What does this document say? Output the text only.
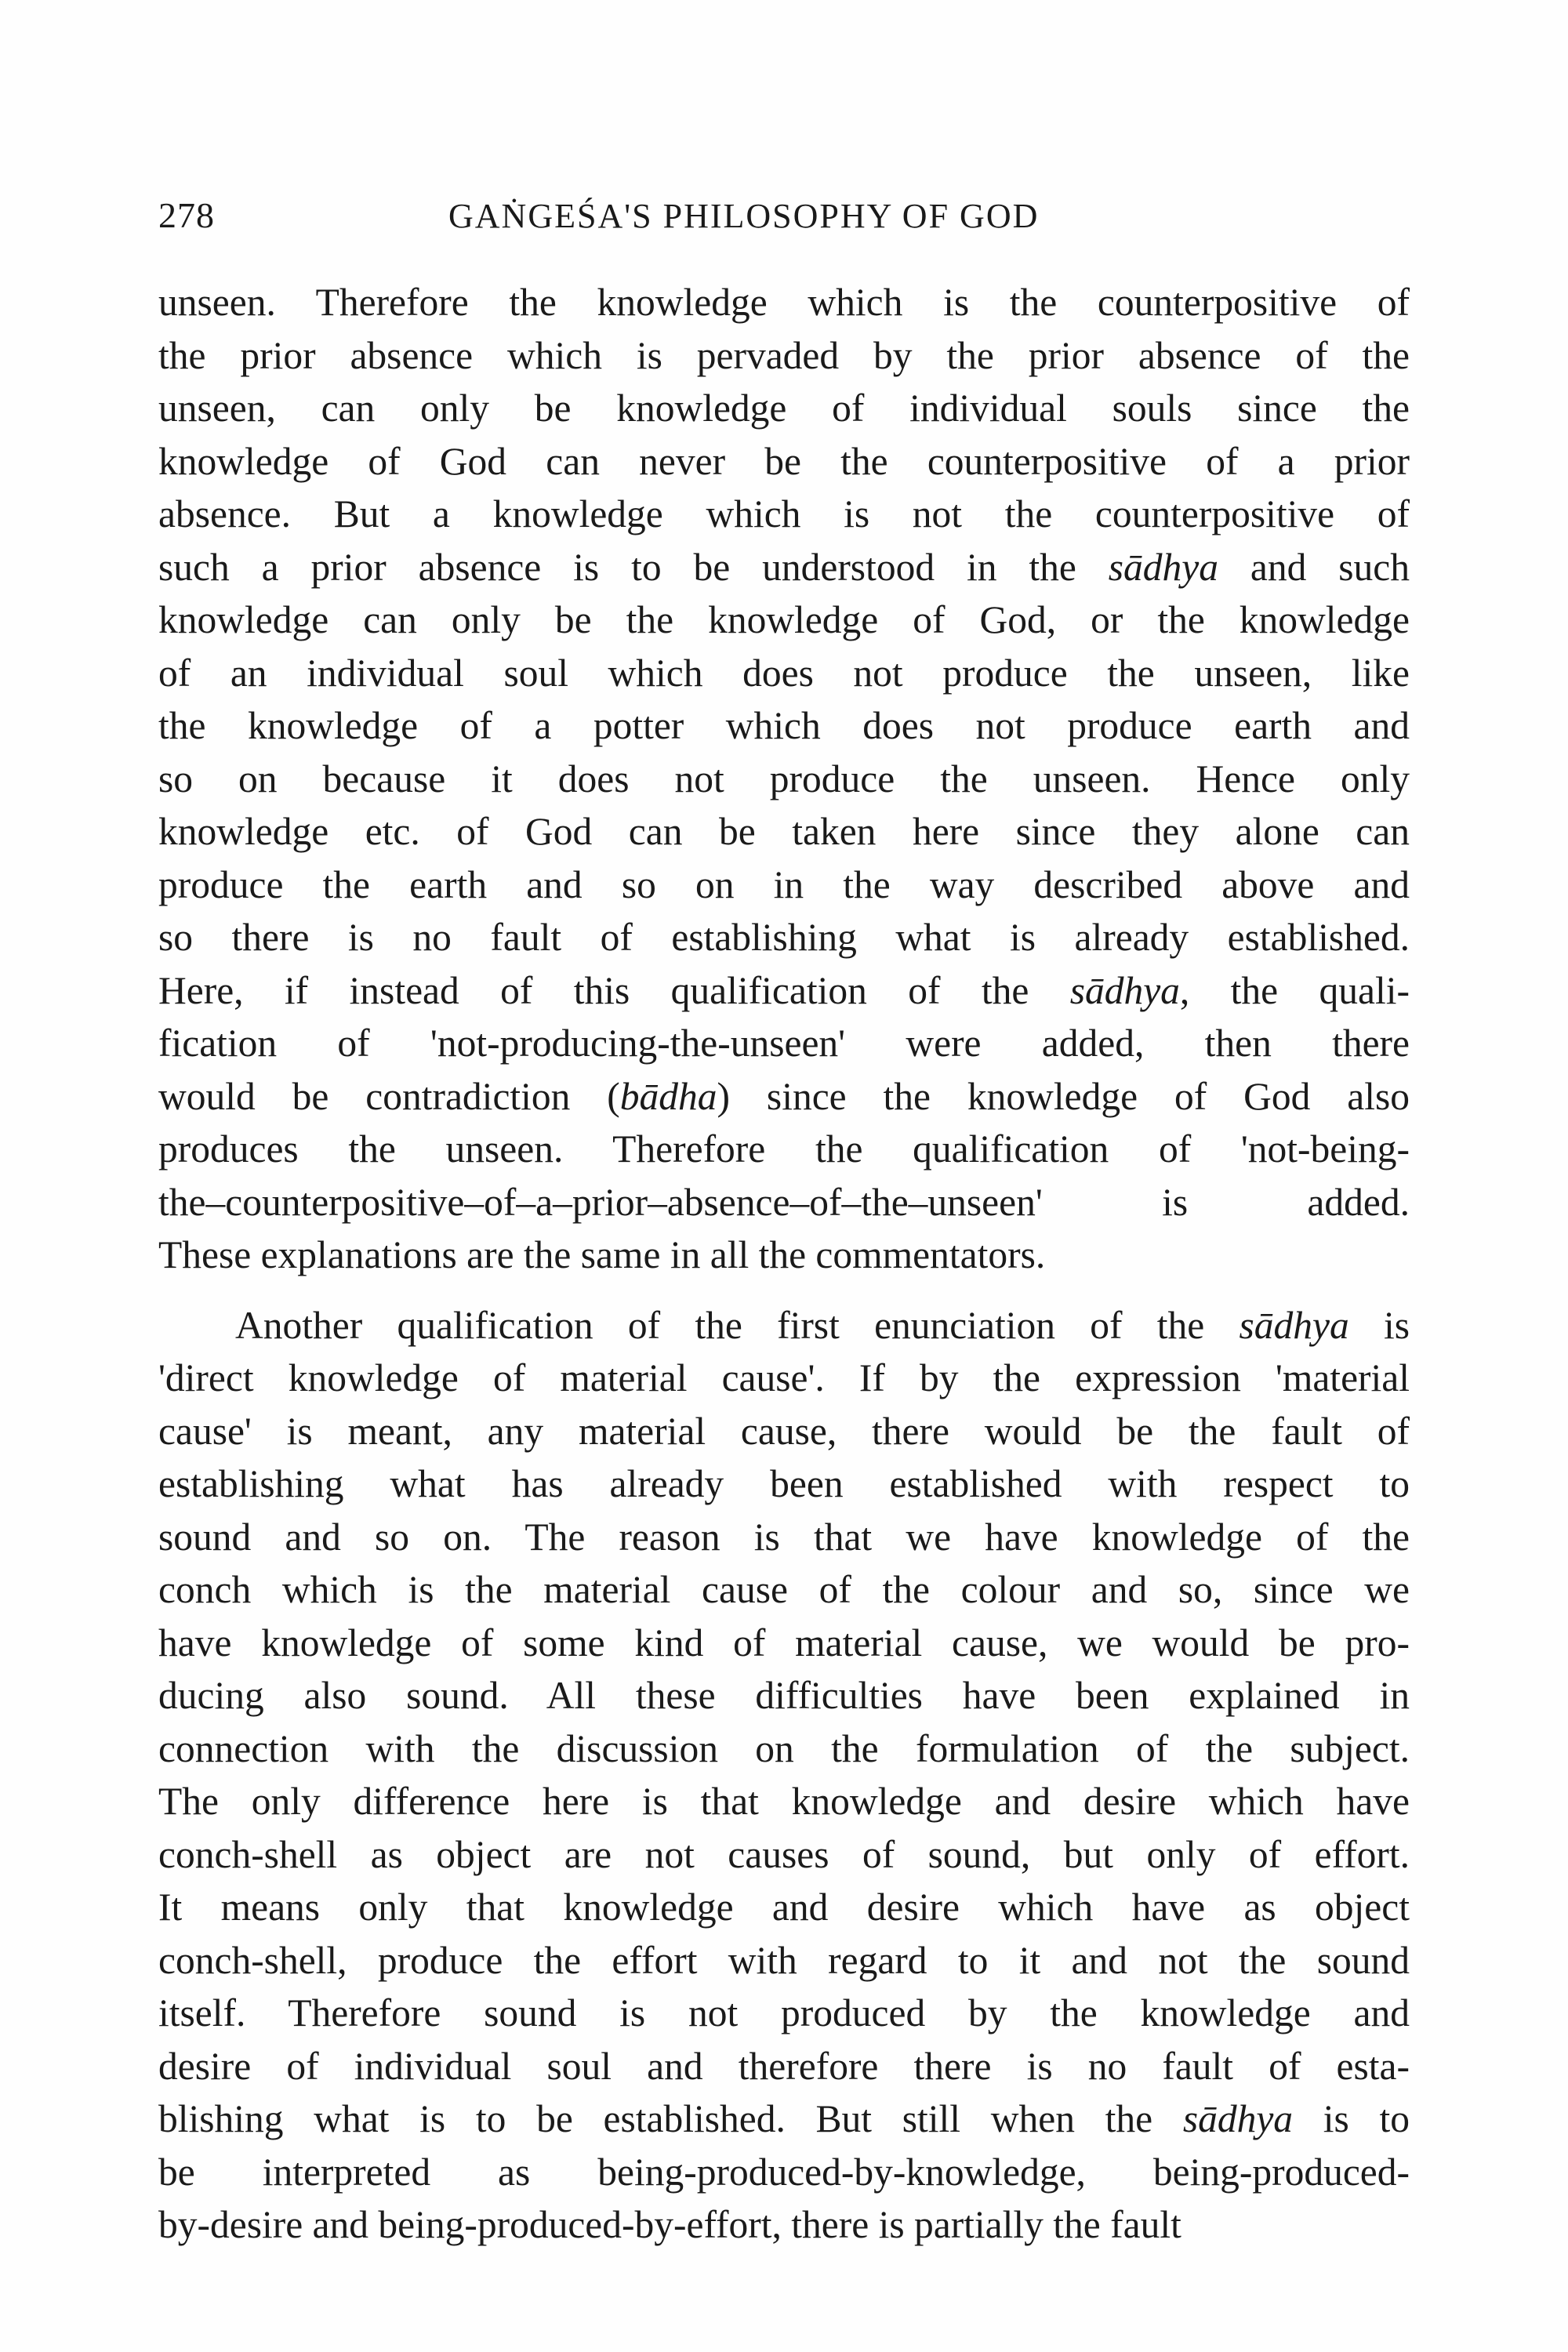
278	GAṄGEŚA'S PHILOSOPHY OF GOD
unseen. Therefore the knowledge which is the counterpositive of
the prior absence which is pervaded by the prior absence of the
unseen, can only be knowledge of individual souls since the
knowledge of God can never be the counterpositive of a prior
absence. But a knowledge which is not the counterpositive of
such a prior absence is to be understood in the sādhya and such
knowledge can only be the knowledge of God, or the knowledge
of an individual soul which does not produce the unseen, like
the knowledge of a potter which does not produce earth and
so on because it does not produce the unseen. Hence only
knowledge etc. of God can be taken here since they alone can
produce the earth and so on in the way described above and
so there is no fault of establishing what is already established.
Here, if instead of this qualification of the sādhya, the quali-
fication of 'not-producing-the-unseen' were added, then there
would be contradiction (bādha) since the knowledge of God also
produces the unseen. Therefore the qualification of 'not-being-
the–counterpositive–of–a–prior–absence–of–the–unseen' is added.
These explanations are the same in all the commentators.
Another qualification of the first enunciation of the sādhya is
'direct knowledge of material cause'. If by the expression 'material
cause' is meant, any material cause, there would be the fault of
establishing what has already been established with respect to
sound and so on. The reason is that we have knowledge of the
conch which is the material cause of the colour and so, since we
have knowledge of some kind of material cause, we would be pro-
ducing also sound. All these difficulties have been explained in
connection with the discussion on the formulation of the subject.
The only difference here is that knowledge and desire which have
conch-shell as object are not causes of sound, but only of effort.
It means only that knowledge and desire which have as object
conch-shell, produce the effort with regard to it and not the sound
itself. Therefore sound is not produced by the knowledge and
desire of individual soul and therefore there is no fault of esta-
blishing what is to be established. But still when the sādhya is to
be interpreted as being-produced-by-knowledge, being-produced-
by-desire and being-produced-by-effort, there is partially the fault
